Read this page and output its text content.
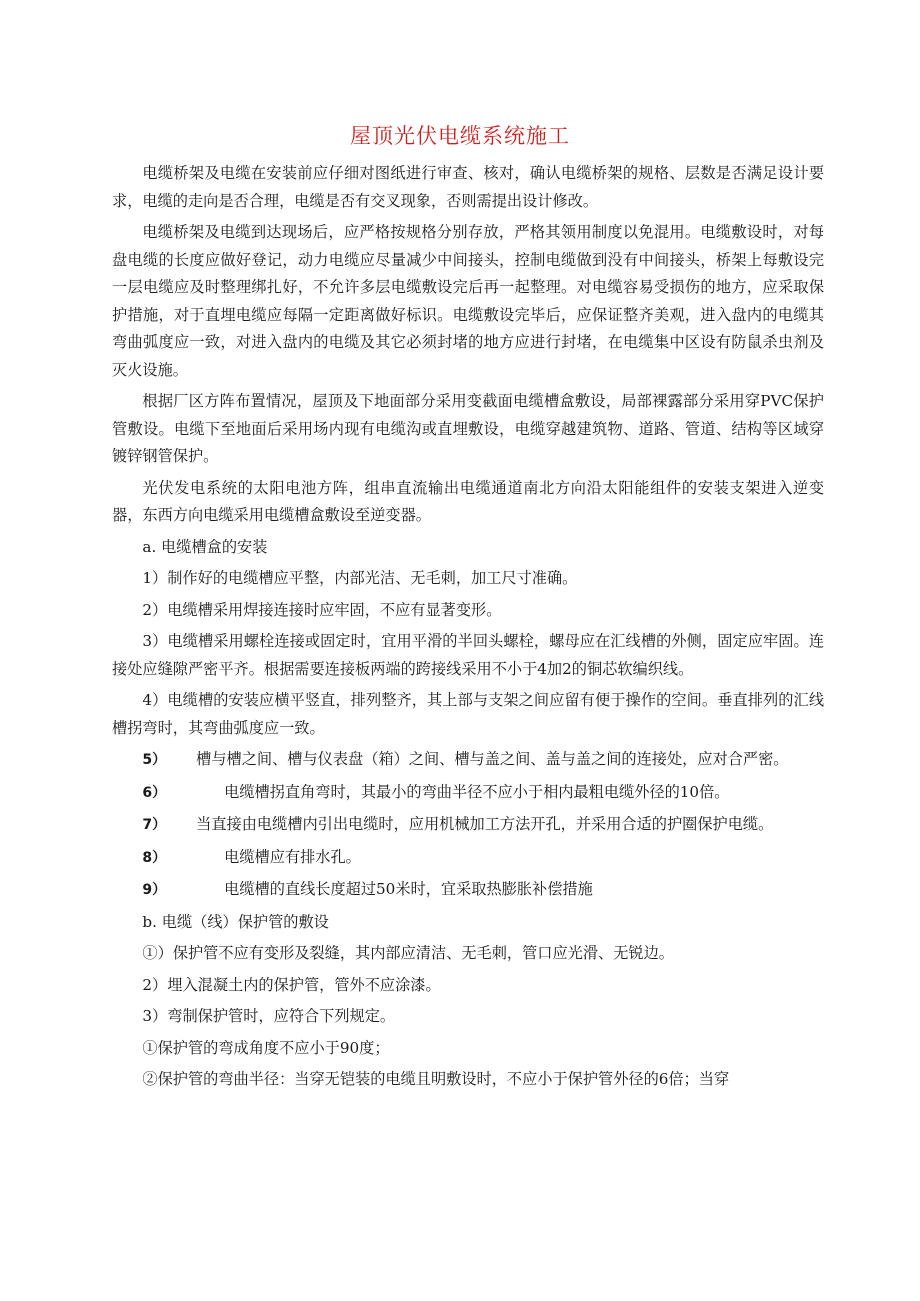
屋顶光伏电缆系统施工

电缆桥架及电缆在安装前应仔细对图纸进行审查、核对，确认电缆桥架的规格、层数是否满足设计要求，电缆的走向是否合理，电缆是否有交叉现象，否则需提出设计修改。

电缆桥架及电缆到达现场后，应严格按规格分别存放，严格其领用制度以免混用。电缆敷设时，对每盘电缆的长度应做好登记，动力电缆应尽量减少中间接头，控制电缆做到没有中间接头，桥架上每敷设完一层电缆应及时整理绑扎好，不允许多层电缆敷设完后再一起整理。对电缆容易受损伤的地方，应采取保护措施，对于直埋电缆应每隔一定距离做好标识。电缆敷设完毕后，应保证整齐美观，进入盘内的电缆其弯曲弧度应一致，对进入盘内的电缆及其它必须封堵的地方应进行封堵，在电缆集中区设有防鼠杀虫剂及灭火设施。

根据厂区方阵布置情况，屋顶及下地面部分采用变截面电缆槽盒敷设，局部裸露部分采用穿PVC保护管敷设。电缆下至地面后采用场内现有电缆沟或直埋敷设，电缆穿越建筑物、道路、管道、结构等区域穿镀锌钢管保护。

光伏发电系统的太阳电池方阵，组串直流输出电缆通道南北方向沿太阳能组件的安装支架进入逆变器，东西方向电缆采用电缆槽盒敷设至逆变器。

a. 电缆槽盒的安装

1）制作好的电缆槽应平整，内部光洁、无毛刺，加工尺寸准确。

2）电缆槽采用焊接连接时应牢固，不应有显著变形。

3）电缆槽采用螺栓连接或固定时，宜用平滑的半回头螺栓，螺母应在汇线槽的外侧，固定应牢固。连接处应缝隙严密平齐。根据需要连接板两端的跨接线采用不小于4加2的铜芯软编织线。

4）电缆槽的安装应横平竖直，排列整齐，其上部与支架之间应留有便于操作的空间。垂直排列的汇线槽拐弯时，其弯曲弧度应一致。

5） 槽与槽之间、槽与仪表盘（箱）之间、槽与盖之间、盖与盖之间的连接处，应对合严密。

6）	电缆槽拐直角弯时，其最小的弯曲半径不应小于相内最粗电缆外径的10倍。

7） 当直接由电缆槽内引出电缆时，应用机械加工方法开孔，并采用合适的护圈保护电缆。

8）	电缆槽应有排水孔。

9）	电缆槽的直线长度超过50米时，宜采取热膨胀补偿措施

b. 电缆（线）保护管的敷设

①）保护管不应有变形及裂缝，其内部应清洁、无毛刺，管口应光滑、无锐边。

2）埋入混凝土内的保护管，管外不应涂漆。

3）弯制保护管时，应符合下列规定。

①保护管的弯成角度不应小于90度；

②保护管的弯曲半径：当穿无铠装的电缆且明敷设时，不应小于保护管外径的6倍；当穿
